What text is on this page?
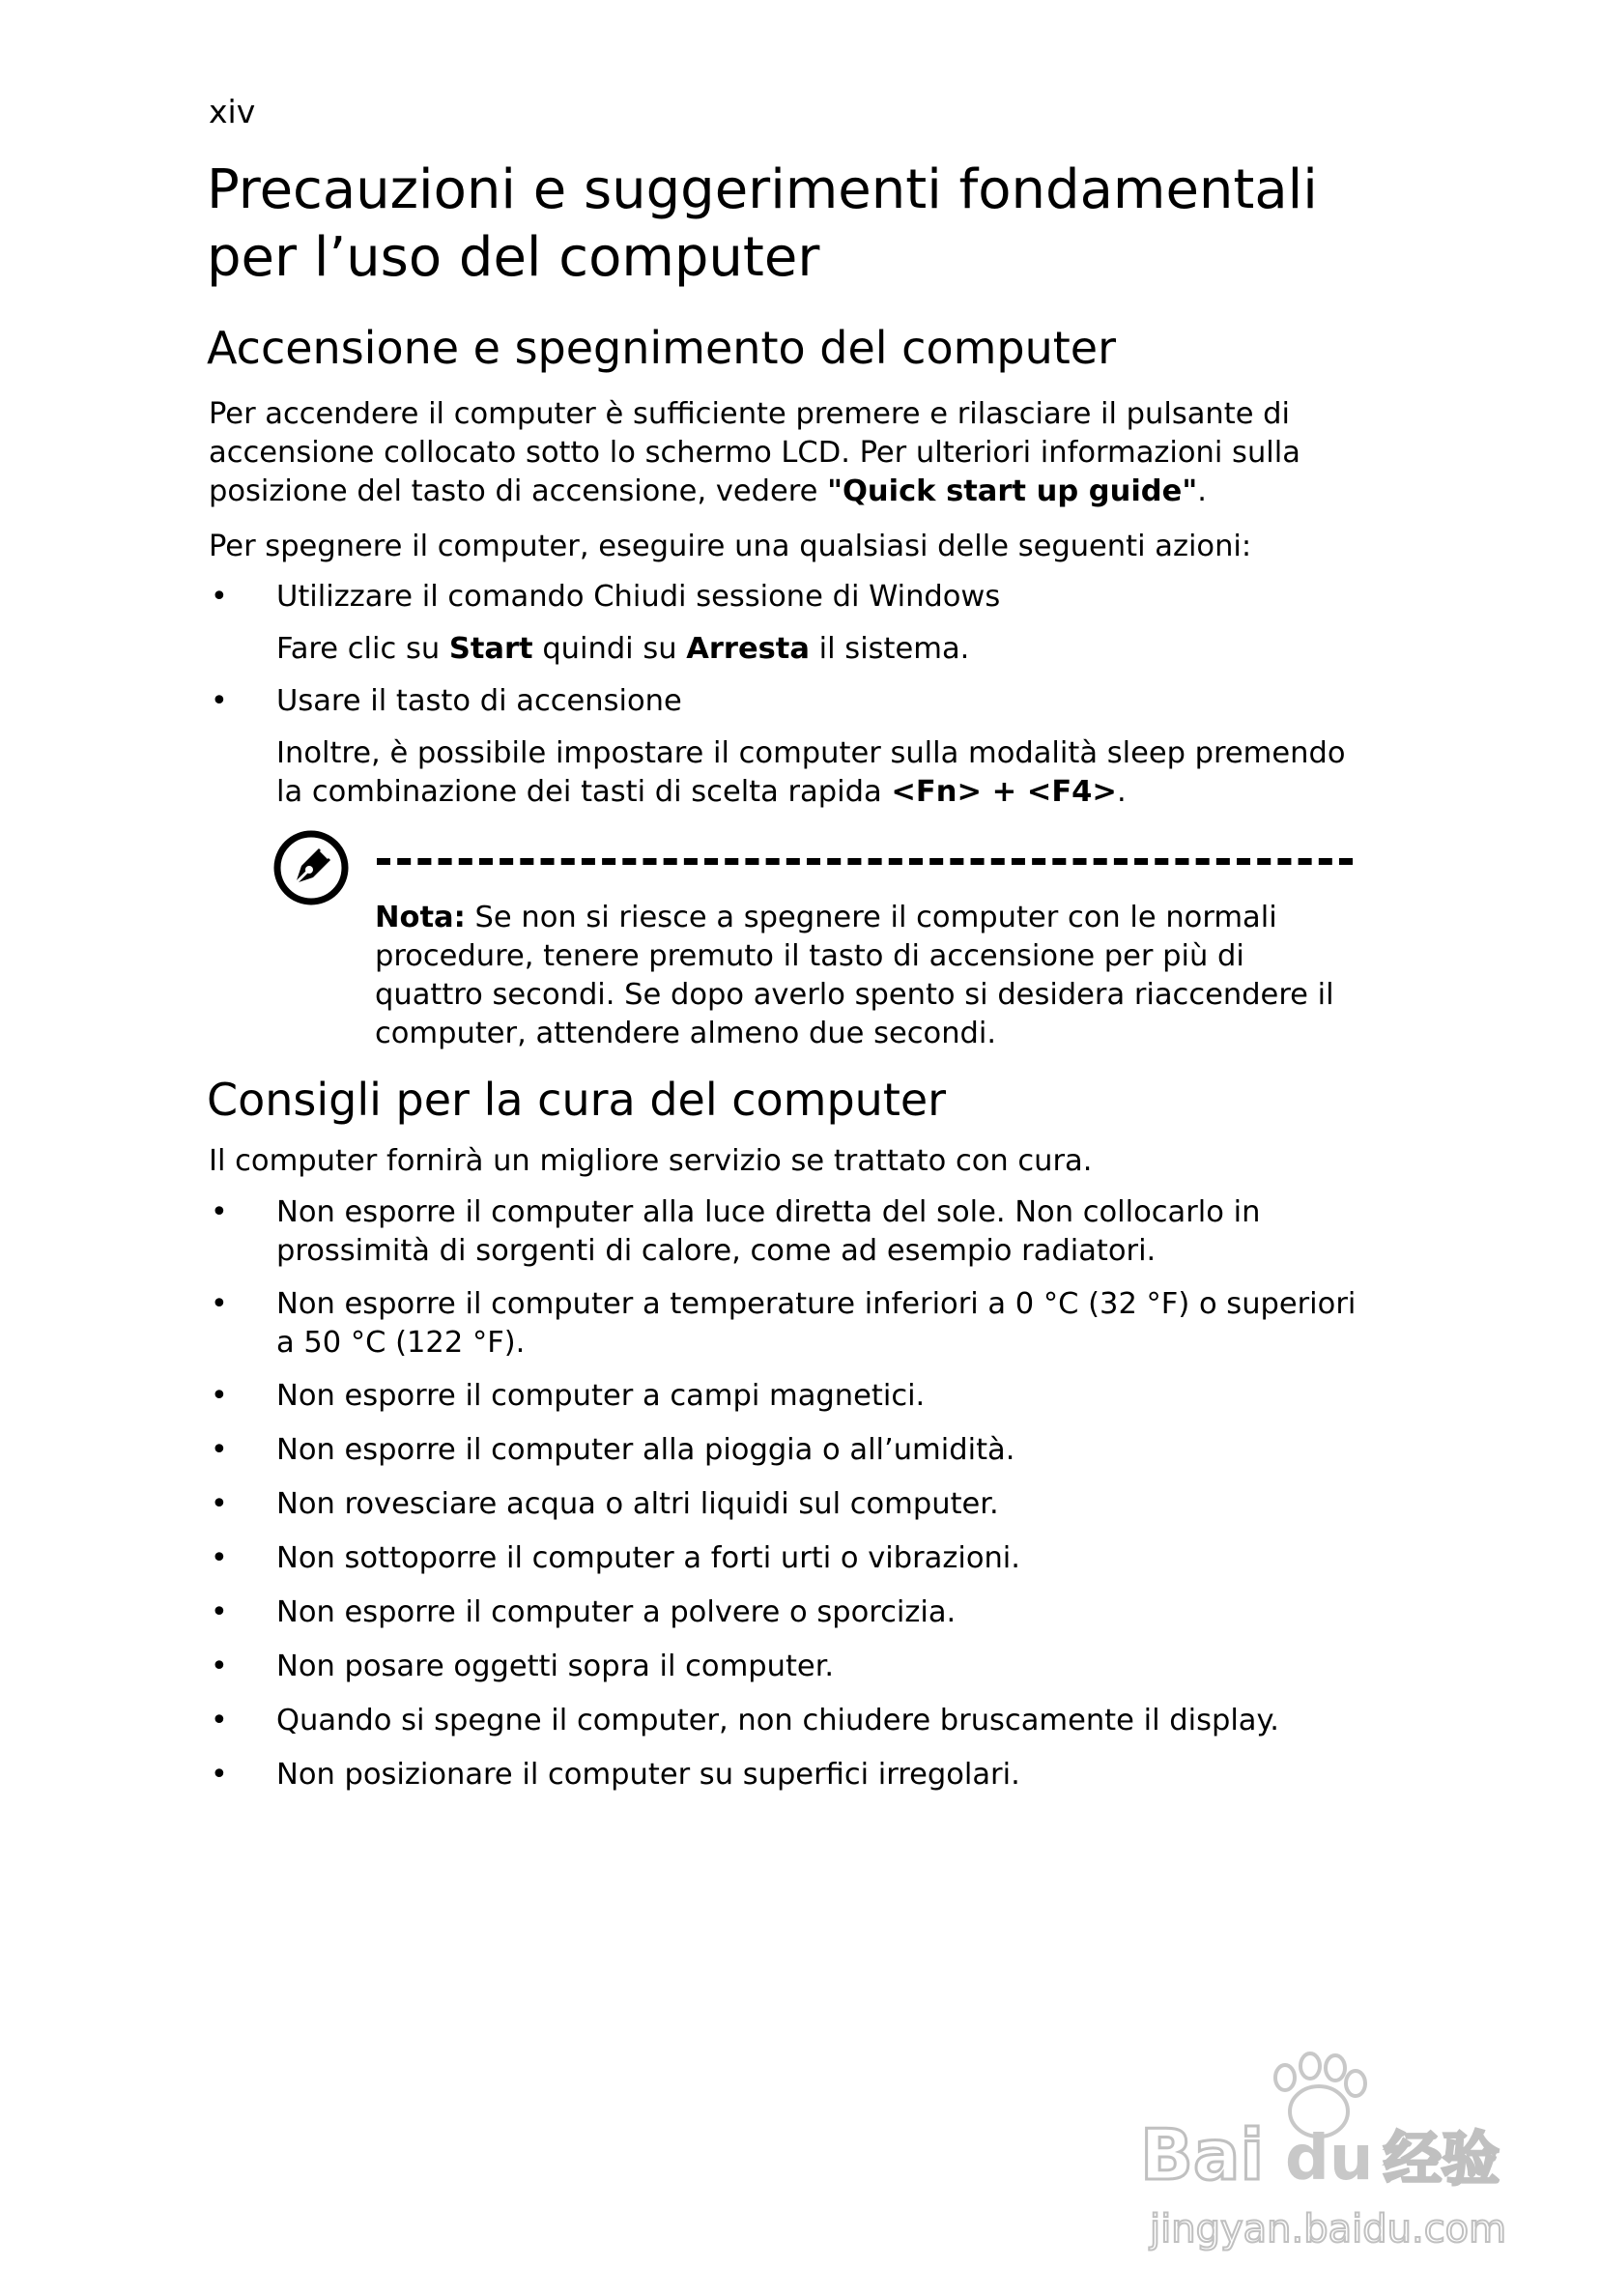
xiv
Precauzioni e suggerimenti fondamentali per l’uso del computer
Accensione e spegnimento del computer

Per accendere il computer è sufficiente premere e rilasciare il pulsante di accensione collocato sotto lo schermo LCD. Per ulteriori informazioni sulla posizione del tasto di accensione, vedere "Quick start up guide".

Per spegnere il computer, eseguire una qualsiasi delle seguenti azioni:

• Utilizzare il comando Chiudi sessione di Windows

Fare clic su Start quindi su Arresta il sistema.

• Usare il tasto di accensione

Inoltre, è possibile impostare il computer sulla modalità sleep premendo la combinazione dei tasti di scelta rapida <Fn> + <F4>.

Nota: Se non si riesce a spegnere il computer con le normali procedure, tenere premuto il tasto di accensione per più di quattro secondi. Se dopo averlo spento si desidera riaccendere il computer, attendere almeno due secondi.

Consigli per la cura del computer

Il computer fornirà un migliore servizio se trattato con cura.

• Non esporre il computer alla luce diretta del sole. Non collocarlo in prossimità di sorgenti di calore, come ad esempio radiatori.
• Non esporre il computer a temperature inferiori a 0 °C (32 °F) o superiori a 50 °C (122 °F).
• Non esporre il computer a campi magnetici.
• Non esporre il computer alla pioggia o all’umidità.
• Non rovesciare acqua o altri liquidi sul computer.
• Non sottoporre il computer a forti urti o vibrazioni.
• Non esporre il computer a polvere o sporcizia.
• Non posare oggetti sopra il computer.
• Quando si spegne il computer, non chiudere bruscamente il display.
• Non posizionare il computer su superfici irregolari.
Bai du 经验
jingyan.baidu.com
